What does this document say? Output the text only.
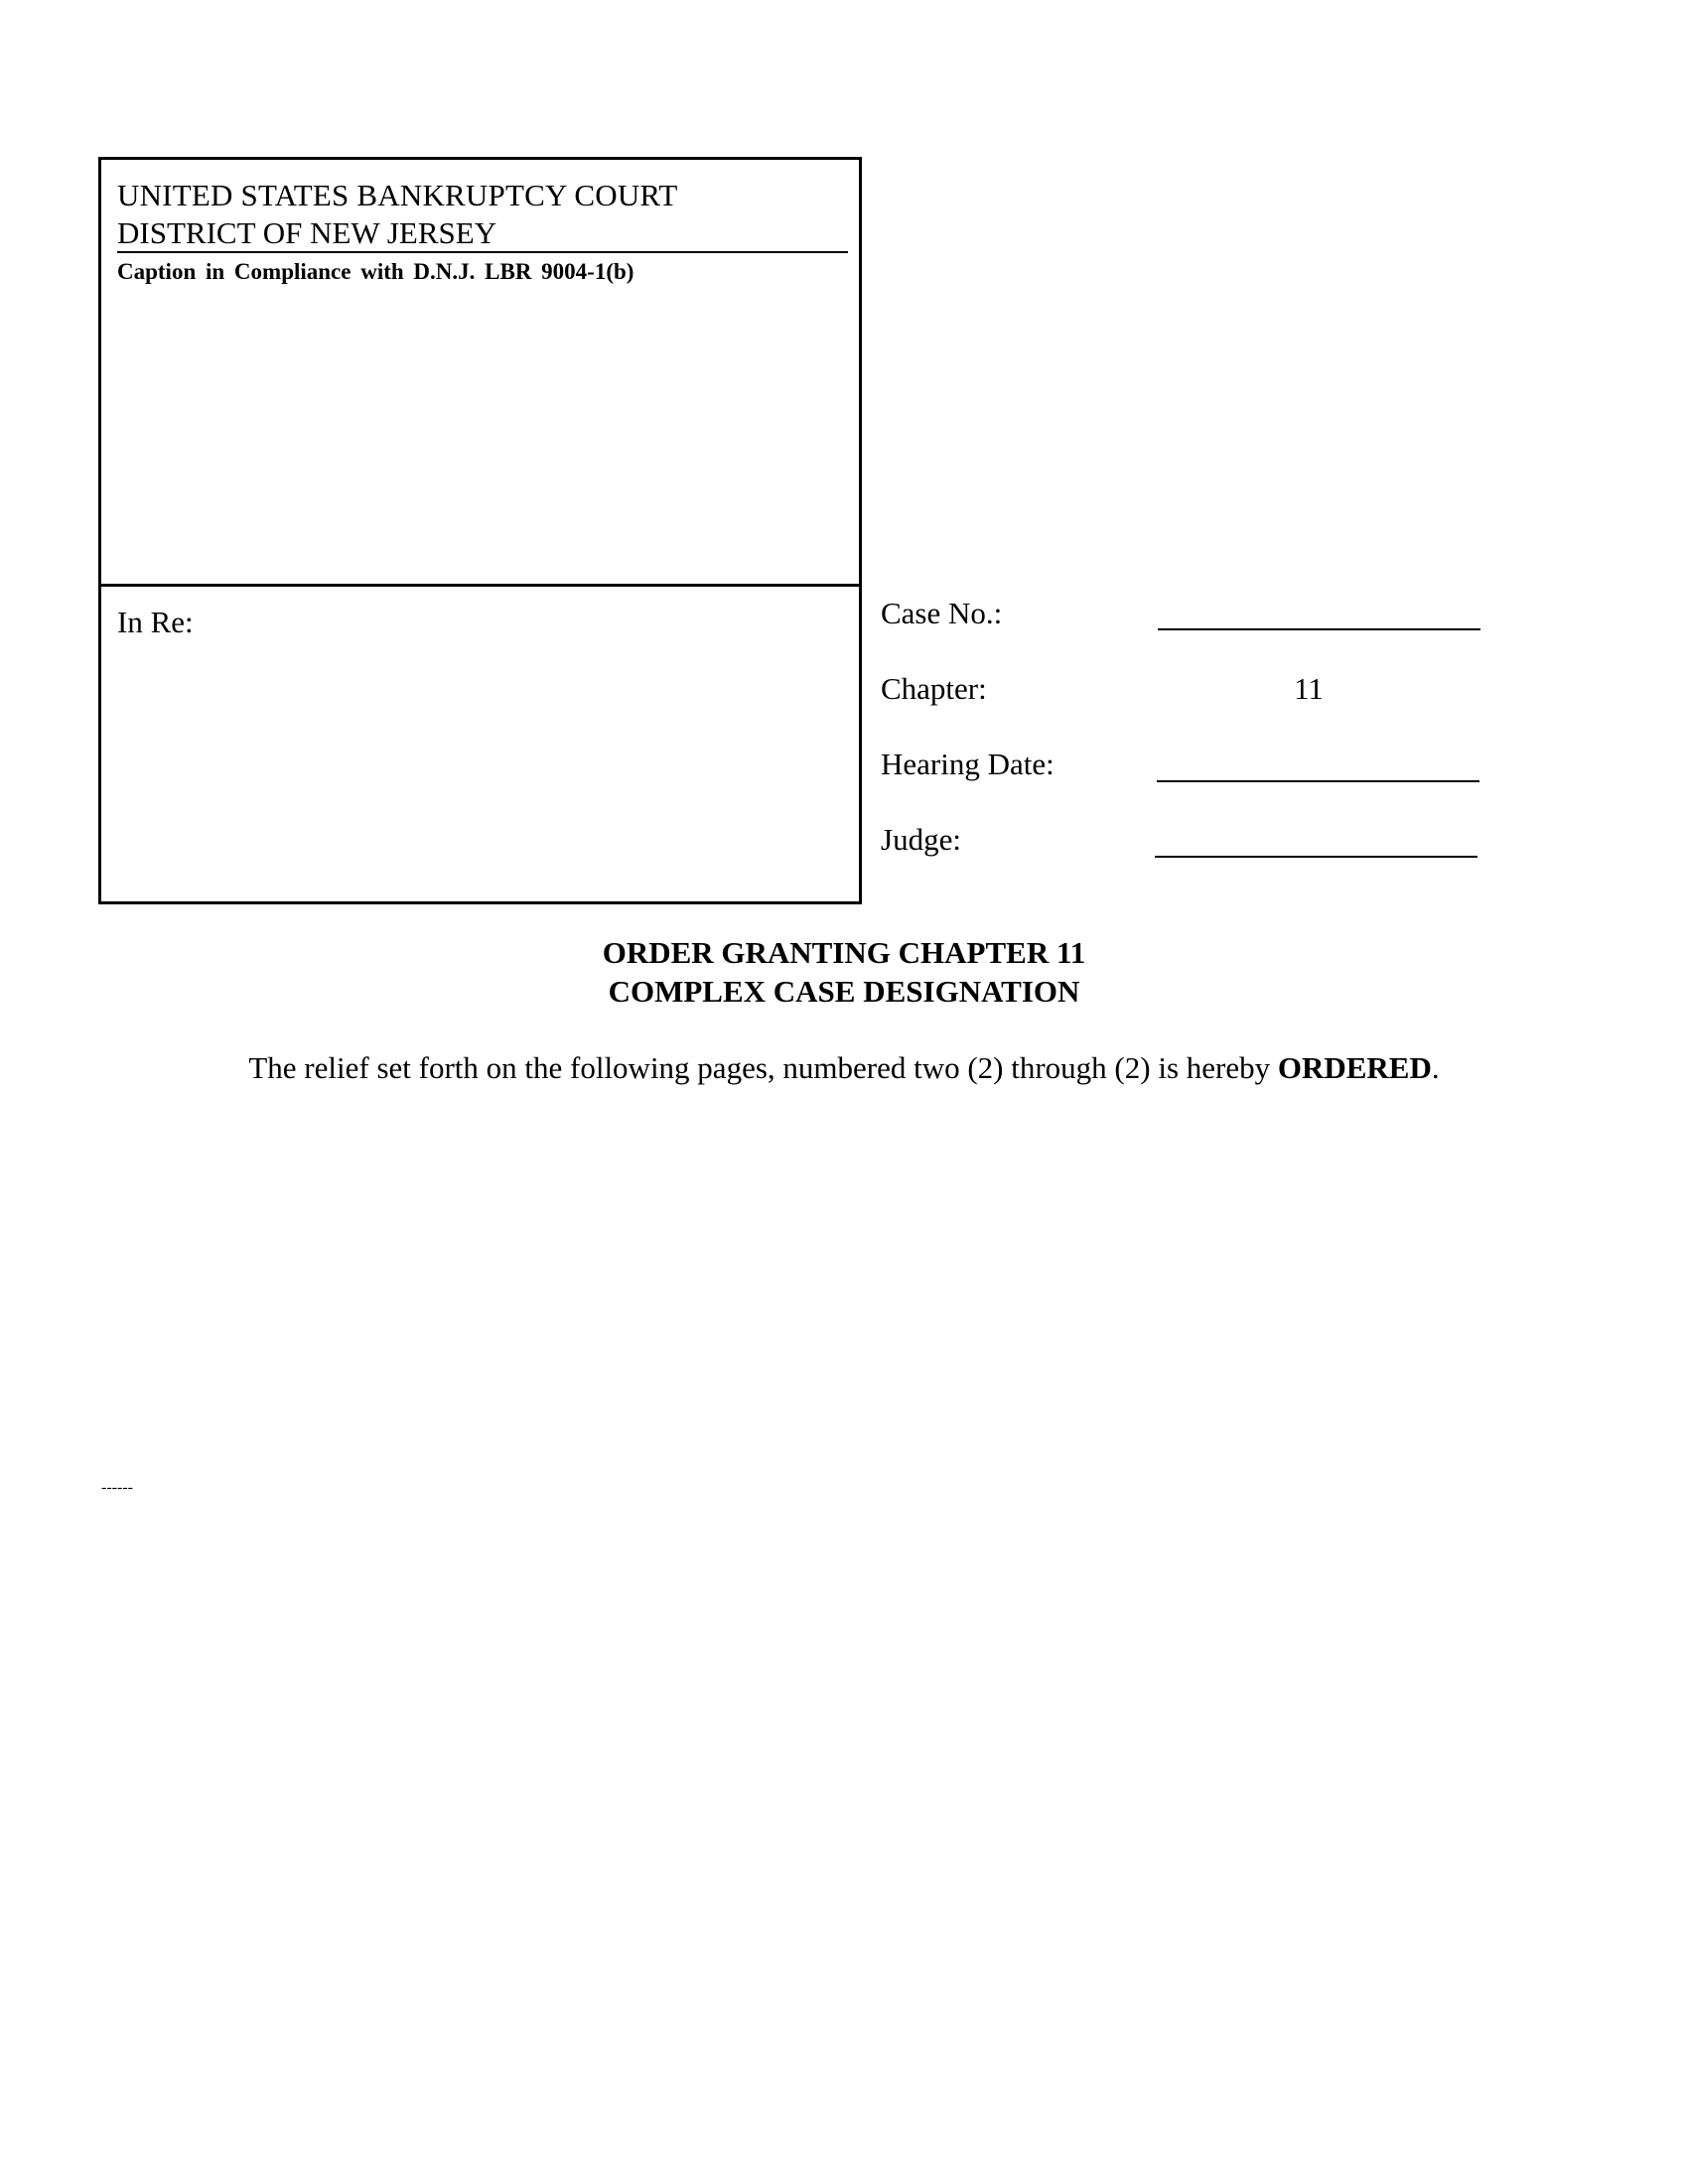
UNITED STATES BANKRUPTCY COURT
DISTRICT OF NEW JERSEY
Caption in Compliance with D.N.J. LBR 9004-1(b)
In Re:	Case No.:
Chapter:	11
Hearing Date:
Judge:
ORDER GRANTING CHAPTER 11
COMPLEX CASE DESIGNATION
The relief set forth on the following pages, numbered two (2) through (2) is hereby ORDERED.
------
